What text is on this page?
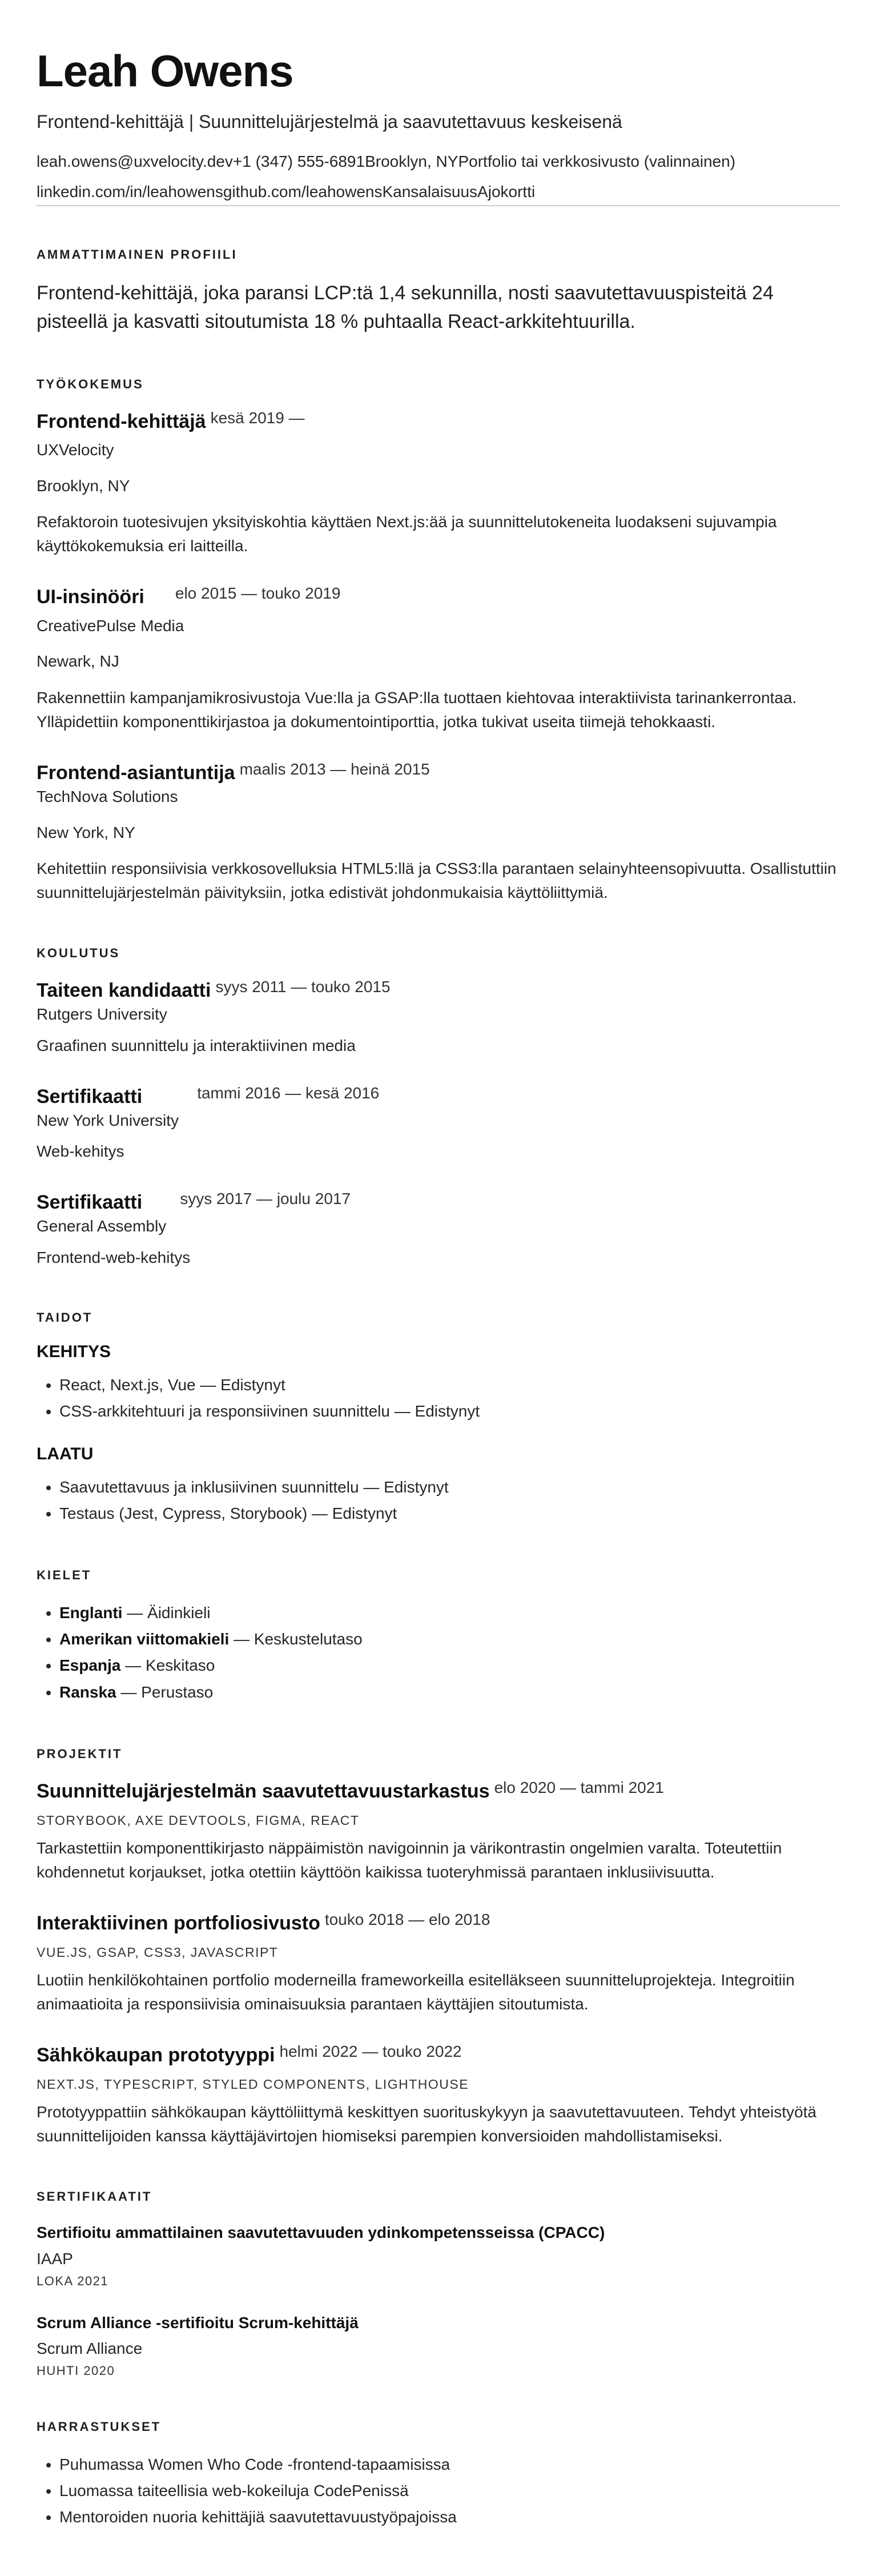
Leah Owens
Frontend-kehittäjä | Suunnittelujärjestelmä ja saavutettavuus keskeisenä
leah.owens@uxvelocity.dev+1 (347) 555-6891Brooklyn, NYPortfolio tai verkkosivusto (valinnainen)
linkedin.com/in/leahowensgithub.com/leahowensKansalaisuusAjokortti
AMMATTIMAINEN PROFIILI
Frontend-kehittäjä, joka paransi LCP:tä 1,4 sekunnilla, nosti saavutettavuuspisteitä 24 pisteellä ja kasvatti sitoutumista 18 % puhtaalla React-arkkitehtuurilla.
TYÖKOKEMUS
Frontend-kehittäjä kesä 2019 —
UXVelocity
Brooklyn, NY
Refaktoroin tuotesivujen yksityiskohtia käyttäen Next.js:ää ja suunnittelutokeneita luodakseni sujuvampia käyttökokemuksia eri laitteilla.
UI-insinööri elo 2015 — touko 2019
CreativePulse Media
Newark, NJ
Rakennettiin kampanjamikrosivustoja Vue:lla ja GSAP:lla tuottaen kiehtovaa interaktiivista tarinankerrontaa. Ylläpidettiin komponenttikirjastoa ja dokumentointiporttia, jotka tukivat useita tiimejä tehokkaasti.
Frontend-asiantuntija maalis 2013 — heinä 2015
TechNova Solutions
New York, NY
Kehitettiin responsiivisia verkkosovelluksia HTML5:llä ja CSS3:lla parantaen selainyhteensopivuutta. Osallistuttiin suunnittelujärjestelmän päivityksiin, jotka edistivät johdonmukaisia käyttöliittymiä.
KOULUTUS
Taiteen kandidaatti syys 2011 — touko 2015
Rutgers University
Graafinen suunnittelu ja interaktiivinen media
Sertifikaatti	tammi 2016 — kesä 2016
New York University
Web-kehitys
Sertifikaatti syys 2017 — joulu 2017
General Assembly
Frontend-web-kehitys
TAIDOT
KEHITYS
• React, Next.js, Vue — Edistynyt
• CSS-arkkitehtuuri ja responsiivinen suunnittelu — Edistynyt
LAATU
• Saavutettavuus ja inklusiivinen suunnittelu — Edistynyt
• Testaus (Jest, Cypress, Storybook) — Edistynyt
KIELET
• Englanti — Äidinkieli
• Amerikan viittomakieli — Keskustelutaso
• Espanja — Keskitaso
• Ranska — Perustaso
PROJEKTIT
Suunnittelujärjestelmän saavutettavuustarkastus elo 2020 — tammi 2021
STORYBOOK, AXE DEVTOOLS, FIGMA, REACT
Tarkastettiin komponenttikirjasto näppäimistön navigoinnin ja värikontrastin ongelmien varalta. Toteutettiin kohdennetut korjaukset, jotka otettiin käyttöön kaikissa tuoteryhmissä parantaen inklusiivisuutta.
Interaktiivinen portfoliosivusto touko 2018 — elo 2018
VUE.JS, GSAP, CSS3, JAVASCRIPT
Luotiin henkilökohtainen portfolio moderneilla frameworkeilla esitelläkseen suunnitteluprojekteja. Integroitiin animaatioita ja responsiivisia ominaisuuksia parantaen käyttäjien sitoutumista.
Sähkökaupan prototyyppi helmi 2022 — touko 2022
NEXT.JS, TYPESCRIPT, STYLED COMPONENTS, LIGHTHOUSE
Prototyyppattiin sähkökaupan käyttöliittymä keskittyen suorituskykyyn ja saavutettavuuteen. Tehdyt yhteistyötä suunnittelijoiden kanssa käyttäjävirtojen hiomiseksi parempien konversioiden mahdollistamiseksi.
SERTIFIKAATIT
Sertifioitu ammattilainen saavutettavuuden ydinkompetensseissa (CPACC)
IAAP
LOKA 2021
Scrum Alliance -sertifioitu Scrum-kehittäjä
Scrum Alliance
HUHTI 2020
HARRASTUKSET
• Puhumassa Women Who Code -frontend-tapaamisissa
• Luomassa taiteellisia web-kokeiluja CodePenissä
• Mentoroiden nuoria kehittäjiä saavutettavuustyöpajoissa
